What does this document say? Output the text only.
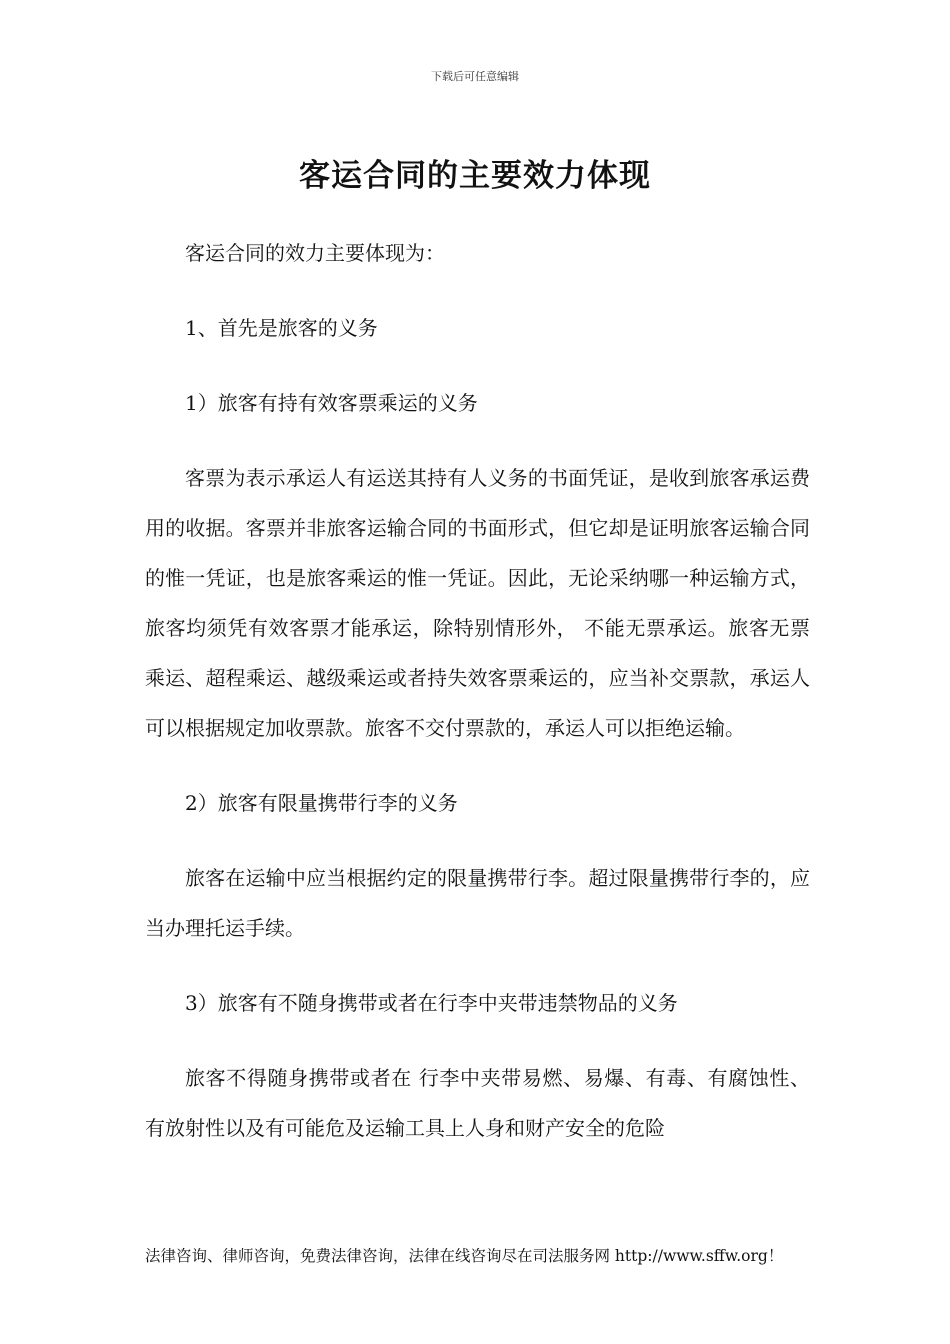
下载后可任意编辑
客运合同的主要效力体现

客运合同的效力主要体现为：

1、首先是旅客的义务

1）旅客有持有效客票乘运的义务

客票为表示承运人有运送其持有人义务的书面凭证，是收到旅客承运费用的收据。客票并非旅客运输合同的书面形式，但它却是证明旅客运输合同的惟一凭证，也是旅客乘运的惟一凭证。因此，无论采纳哪一种运输方式，旅客均须凭有效客票才能承运，除特别情形外， 不能无票承运。旅客无票乘运、超程乘运、越级乘运或者持失效客票乘运的，应当补交票款，承运人可以根据规定加收票款。旅客不交付票款的，承运人可以拒绝运输。

2）旅客有限量携带行李的义务

旅客在运输中应当根据约定的限量携带行李。超过限量携带行李的，应当办理托运手续。

3）旅客有不随身携带或者在行李中夹带违禁物品的义务

旅客不得随身携带或者在 行李中夹带易燃、易爆、有毒、有腐蚀性、有放射性以及有可能危及运输工具上人身和财产安全的危险

法律咨询、律师咨询，免费法律咨询，法律在线咨询尽在司法服务网 http://www.sffw.org！
